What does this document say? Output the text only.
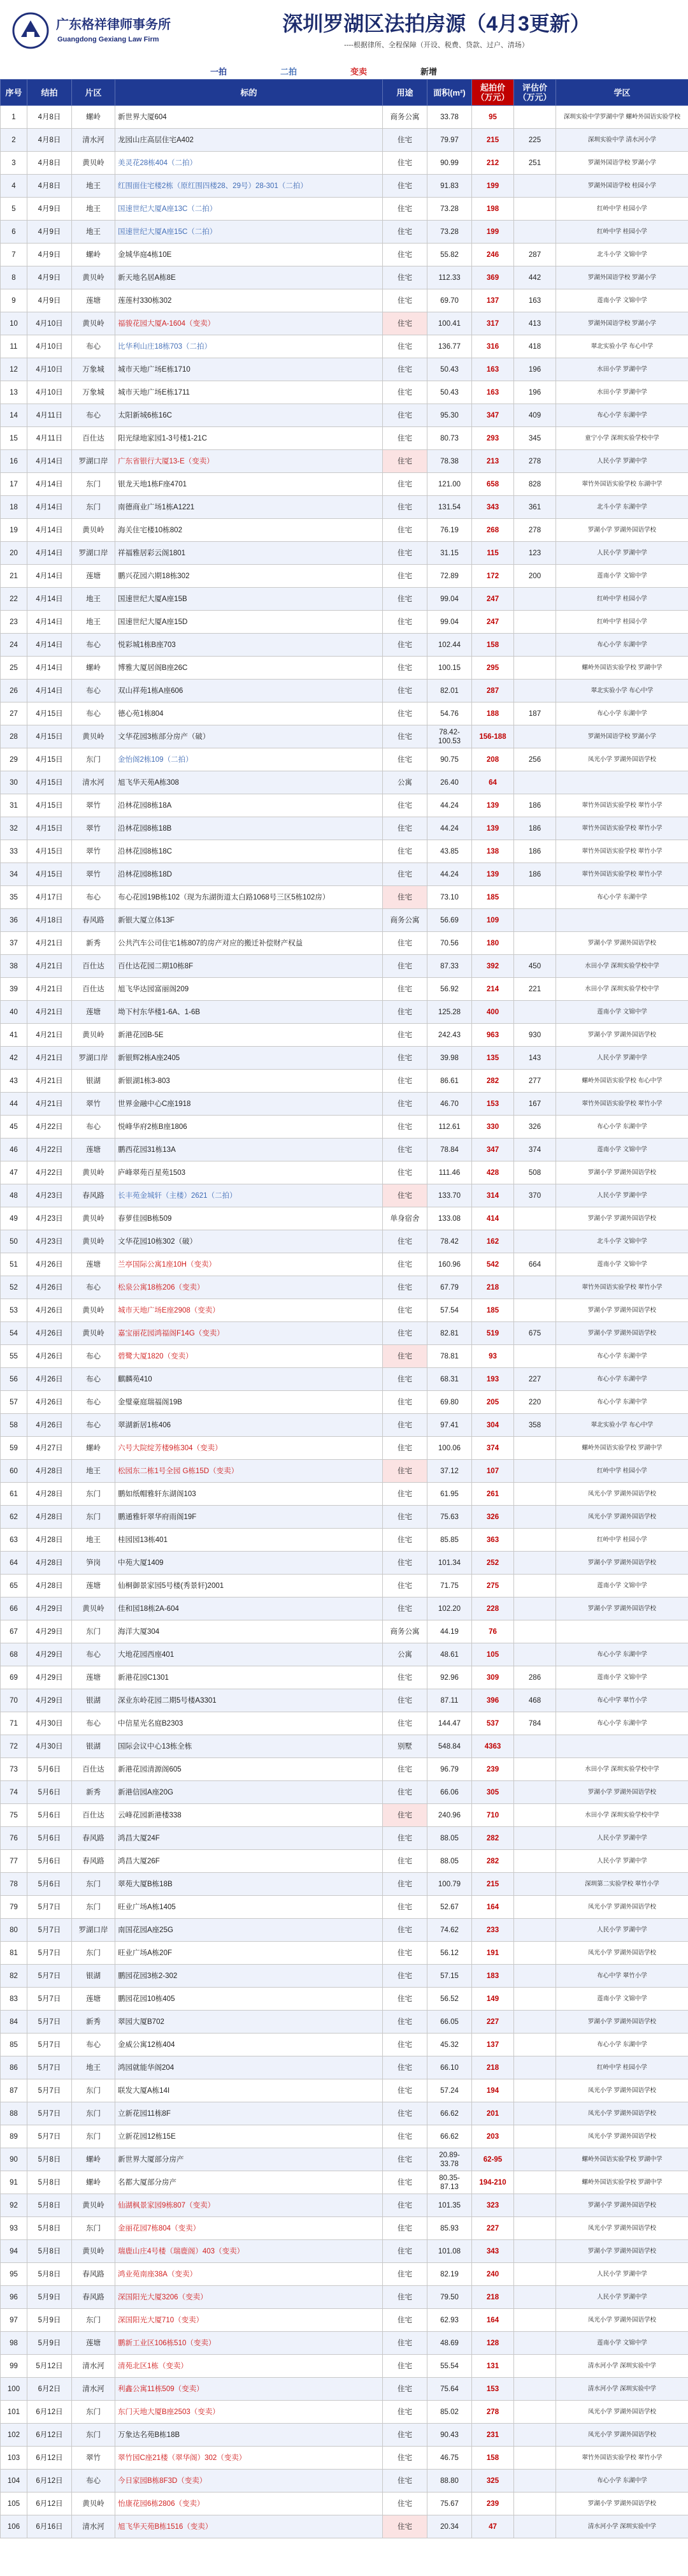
广东格祥律师事务所
Guangdong Gexiang Law Firm
深圳罗湖区法拍房源（4月3更新）
----根据律所、全程保障（开设、税费、贷款、过户、清场）
一拍	二拍	变卖	新增
序号	结拍	片区	标的	用途	面积(m²)	起拍价（万元）	评估价（万元）	学区
1	4月8日	螺岭	新世界大厦604	商务公寓	33.78	95		深圳实验中学罗湖中学 螺岭外国语实验学校
2	4月8日	清水河	龙园山庄高层住宅A402	住宅	79.97	215	225	深圳实验中学 清水河小学
3	4月8日	黄贝岭	美灵花28栋404（二拍）	住宅	90.99	212	251	罗湖外国语学校 罗湖小学
4	4月8日	地王	红围面住宅楼2栋（原红围四楼28、29号）28-301（二拍）	住宅	91.83	199		罗湖外国语学校 桂园小学
5	4月9日	地王	国速世纪大厦A座13C（二拍）	住宅	73.28	198		红岭中学 桂园小学
6	4月9日	地王	国速世纪大厦A座15C（二拍）	住宅	73.28	199		红岭中学 桂园小学
7	4月9日	螺岭	金城华庭4栋10E	住宅	55.82	246	287	北斗小学 文锦中学
8	4月9日	黄贝岭	新天地名居A栋8E	住宅	112.33	369	442	罗湖外国语学校 罗湖小学
9	4月9日	莲塘	莲莲村330栋302	住宅	69.70	137	163	莲南小学 文锦中学
10	4月10日	黄贝岭	福骏花园大厦A-1604（变卖）	住宅	100.41	317	413	罗湖外国语学校 罗湖小学
11	4月10日	布心	比华利山庄18栋703（二拍）	住宅	136.77	316	418	翠北实验小学 布心中学
12	4月10日	万象城	城市天地广场E栋1710	住宅	50.43	163	196	水田小学 罗湖中学
13	4月10日	万象城	城市天地广场E栋1711	住宅	50.43	163	196	水田小学 罗湖中学
14	4月11日	布心	太阳新城6栋16C	住宅	95.30	347	409	布心小学 东湖中学
15	4月11日	百仕达	阳光绿地家园1-3号楼1-21C	住宅	80.73	293	345	童宁小学 深圳实验学校中学
16	4月14日	罗湖口岸	广东省银行大厦13-E（变卖）	住宅	78.38	213	278	人民小学 罗湖中学
17	4月14日	东门	银龙天地1栋F座4701	住宅	121.00	658	828	翠竹外国语实验学校 东湖中学
18	4月14日	东门	南德商业广场1栋A1221	住宅	131.54	343	361	北斗小学 东湖中学
19	4月14日	黄贝岭	海关住宅楼10栋802	住宅	76.19	268	278	罗湖小学 罗湖外国语学校
20	4月14日	罗湖口岸	祥福雅居彩云阁1801	住宅	31.15	115	123	人民小学 罗湖中学
21	4月14日	莲塘	鹏兴花园六期18栋302	住宅	72.89	172	200	莲南小学 文锦中学
22	4月14日	地王	国速世纪大厦A座15B	住宅	99.04	247		红岭中学 桂园小学
23	4月14日	地王	国速世纪大厦A座15D	住宅	99.04	247		红岭中学 桂园小学
24	4月14日	布心	悦彩城1栋B座703	住宅	102.44	158		布心小学 东湖中学
25	4月14日	螺岭	博雅大厦居阁B座26C	住宅	100.15	295		螺岭外国语实验学校 罗湖中学
26	4月14日	布心	双山祥苑1栋A座606	住宅	82.01	287		翠北实验小学 布心中学
27	4月15日	布心	德心苑1栋804	住宅	54.76	188	187	布心小学 东湖中学
28	4月15日	黄贝岭	文华花园3栋部分房产（破）	住宅	78.42-100.53	156-188		罗湖外国语学校 罗湖小学
29	4月15日	东门	金怡阁2栋109（二拍）	住宅	90.75	208	256	凤光小学 罗湖外国语学校
30	4月15日	清水河	旭飞华天苑A栋308	公寓	26.40	64		
31	4月15日	翠竹	沿林花园8栋18A	住宅	44.24	139	186	翠竹外国语实验学校 翠竹小学
32	4月15日	翠竹	沿林花园8栋18B	住宅	44.24	139	186	翠竹外国语实验学校 翠竹小学
33	4月15日	翠竹	沿林花园8栋18C	住宅	43.85	138	186	翠竹外国语实验学校 翠竹小学
34	4月15日	翠竹	沿林花园8栋18D	住宅	44.24	139	186	翠竹外国语实验学校 翠竹小学
35	4月17日	布心	布心花园19B栋102（现为东湖街道太白路1068号三区5栋102房）	住宅	73.10	185		布心小学 东湖中学
36	4月18日	春风路	新银大厦立体13F	商务公寓	56.69	109		
37	4月21日	新秀	公共汽车公司住宅1栋807的房产对应的搬迁补偿财产权益	住宅	70.56	180		罗湖小学 罗湖外国语学校
38	4月21日	百仕达	百仕达花园二期10栋8F	住宅	87.33	392	450	水田小学 深圳实验学校中学
39	4月21日	百仕达	旭飞华达园富丽阁209	住宅	56.92	214	221	水田小学 深圳实验学校中学
40	4月21日	莲塘	坳下村东华楼1-6A、1-6B	住宅	125.28	400		莲南小学 文锦中学
41	4月21日	黄贝岭	新港花园B-5E	住宅	242.43	963	930	罗湖小学 罗湖外国语学校
42	4月21日	罗湖口岸	新银辉2栋A座2405	住宅	39.98	135	143	人民小学 罗湖中学
43	4月21日	银湖	新银湖1栋3-803	住宅	86.61	282	277	螺岭外国语实验学校 布心中学
44	4月21日	翠竹	世界金融中心C座1918	住宅	46.70	153	167	翠竹外国语实验学校 翠竹小学
45	4月22日	布心	悦峰华府2栋B座1806	住宅	112.61	330	326	布心小学 东湖中学
46	4月22日	莲塘	鹏西花园31栋13A	住宅	78.84	347	374	莲南小学 文锦中学
47	4月22日	黄贝岭	庐峰翠苑百星苑1503	住宅	111.46	428	508	罗湖小学 罗湖外国语学校
48	4月23日	春风路	长丰苑金城轩（主楼）2621（二拍）	住宅	133.70	314	370	人民小学 罗湖中学
49	4月23日	黄贝岭	春萝佳园B栋509	单身宿舍	133.08	414		罗湖小学 罗湖外国语学校
50	4月23日	黄贝岭	文华花园10栋302（破）	住宅	78.42	162		北斗小学 文锦中学
51	4月26日	莲塘	兰亭国际公寓1座10H（变卖）	住宅	160.96	542	664	莲南小学 文锦中学
52	4月26日	布心	松泉公寓18栋206（变卖）	住宅	67.79	218		翠竹外国语实验学校 翠竹小学
53	4月26日	黄贝岭	城市天地广场E座2908（变卖）	住宅	57.54	185		罗湖小学 罗湖外国语学校
54	4月26日	黄贝岭	嘉宝丽花园鸿福阁F14G（变卖）	住宅	82.81	519	675	罗湖小学 罗湖外国语学校
55	4月26日	布心	碧鹭大厦1820（变卖）	住宅	78.81	93		布心小学 东湖中学
56	4月26日	布心	麒麟苑410	住宅	68.31	193	227	布心小学 东湖中学
57	4月26日	布心	金璧豪庭瑞福阁19B	住宅	69.80	205	220	布心小学 东湖中学
58	4月26日	布心	翠湖新居1栋406	住宅	97.41	304	358	翠北实验小学 布心中学
59	4月27日	螺岭	六号大院绽芳楼9栋304（变卖）	住宅	100.06	374		螺岭外国语实验学校 罗湖中学
60	4月28日	地王	松园东二栋1号全园 G栋15D（变卖）	住宅	37.12	107		红岭中学 桂园小学
61	4月28日	东门	鹏如纸帽雅轩东湖阁103	住宅	61.95	261		凤光小学 罗湖外国语学校
62	4月28日	东门	鹏通雅轩翠华府雨阁19F	住宅	75.63	326		凤光小学 罗湖外国语学校
63	4月28日	地王	桂园园13栋401	住宅	85.85	363		红岭中学 桂园小学
64	4月28日	笋岗	中苑大厦1409	住宅	101.34	252		罗湖小学 罗湖外国语学校
65	4月28日	莲塘	仙桐御景家园5号楼(秀景轩)2001	住宅	71.75	275		莲南小学 文锦中学
66	4月29日	黄贝岭	佳和园18栋2A-604	住宅	102.20	228		罗湖小学 罗湖外国语学校
67	4月29日	东门	海洋大厦304	商务公寓	44.19	76		
68	4月29日	布心	大地花园西座401	公寓	48.61	105		布心小学 东湖中学
69	4月29日	莲塘	新港花园C1301	住宅	92.96	309	286	莲南小学 文锦中学
70	4月29日	银湖	深业东岭花园二期5号楼A3301	住宅	87.11	396	468	布心中学 翠竹小学
71	4月30日	布心	中信星光名庭B2303	住宅	144.47	537	784	布心小学 东湖中学
72	4月30日	银湖	国际会议中心13栋全栋	别墅	548.84	4363		
73	5月6日	百仕达	新港花园清源阁605	住宅	96.79	239		水田小学 深圳实验学校中学
74	5月6日	新秀	新港信园A座20G	住宅	66.06	305		罗湖小学 罗湖外国语学校
75	5月6日	百仕达	云峰花园新港楼338	住宅	240.96	710		水田小学 深圳实验学校中学
76	5月6日	春风路	鸿昌大厦24F	住宅	88.05	282		人民小学 罗湖中学
77	5月6日	春风路	鸿昌大厦26F	住宅	88.05	282		人民小学 罗湖中学
78	5月6日	东门	翠苑大厦B栋18B	住宅	100.79	215		深圳第二实验学校 翠竹小学
79	5月7日	东门	旺业广场A栋1405	住宅	52.67	164		凤光小学 罗湖外国语学校
80	5月7日	罗湖口岸	南国花园A座25G	住宅	74.62	233		人民小学 罗湖中学
81	5月7日	东门	旺业广场A栋20F	住宅	56.12	191		凤光小学 罗湖外国语学校
82	5月7日	银湖	鹏园花园3栋2-302	住宅	57.15	183		布心中学 翠竹小学
83	5月7日	莲塘	鹏园花园10栋405	住宅	56.52	149		莲南小学 文锦中学
84	5月7日	新秀	翠园大厦B702	住宅	66.05	227		罗湖小学 罗湖外国语学校
85	5月7日	布心	金威公寓12栋404	住宅	45.32	137		布心小学 东湖中学
86	5月7日	地王	鸿园就能华阁204	住宅	66.10	218		红岭中学 桂园小学
87	5月7日	东门	联发大厦A栋14I	住宅	57.24	194		凤光小学 罗湖外国语学校
88	5月7日	东门	立新花园11栋8F	住宅	66.62	201		凤光小学 罗湖外国语学校
89	5月7日	东门	立新花园12栋15E	住宅	66.62	203		凤光小学 罗湖外国语学校
90	5月8日	螺岭	新世界大厦部分房产	住宅	20.89-33.78	62-95		螺岭外国语实验学校 罗湖中学
91	5月8日	螺岭	名都大厦部分房产	住宅	80.35-87.13	194-210		螺岭外国语实验学校 罗湖中学
92	5月8日	黄贝岭	仙湖枫景家园9栋807（变卖）	住宅	101.35	323		罗湖小学 罗湖外国语学校
93	5月8日	东门	金丽花园7栋804（变卖）	住宅	85.93	227		凤光小学 罗湖外国语学校
94	5月8日	黄贝岭	瑞鹿山庄4号楼（瑞鹿阁）403（变卖）	住宅	101.08	343		罗湖小学 罗湖外国语学校
95	5月8日	春风路	鸿业苑南座38A（变卖）	住宅	82.19	240		人民小学 罗湖中学
96	5月9日	春风路	深国阳光大厦3206（变卖）	住宅	79.50	218		人民小学 罗湖中学
97	5月9日	东门	深国阳光大厦710（变卖）	住宅	62.93	164		凤光小学 罗湖外国语学校
98	5月9日	莲塘	鹏新工业区106栋510（变卖）	住宅	48.69	128		莲南小学 文锦中学
99	5月12日	清水河	清苑北区1栋（变卖）	住宅	55.54	131		清水河小学 深圳实验中学
100	6月2日	清水河	利鑫公寓11栋509（变卖）	住宅	75.64	153		清水河小学 深圳实验中学
101	6月12日	东门	东门天地大厦B座2503（变卖）	住宅	85.02	278		凤光小学 罗湖外国语学校
102	6月12日	东门	万象达名苑B栋18B	住宅	90.43	231		凤光小学 罗湖外国语学校
103	6月12日	翠竹	翠竹园C座21楼（翠华阁）302（变卖）	住宅	46.75	158		翠竹外国语实验学校 翠竹小学
104	6月12日	布心	今日家园B栋8F3D（变卖）	住宅	88.80	325		布心小学 东湖中学
105	6月12日	黄贝岭	怡康花园6栋2806（变卖）	住宅	75.67	239		罗湖小学 罗湖外国语学校
106	6月16日	清水河	旭飞华天苑B栋1516（变卖）	住宅	20.34	47		清水河小学 深圳实验中学
